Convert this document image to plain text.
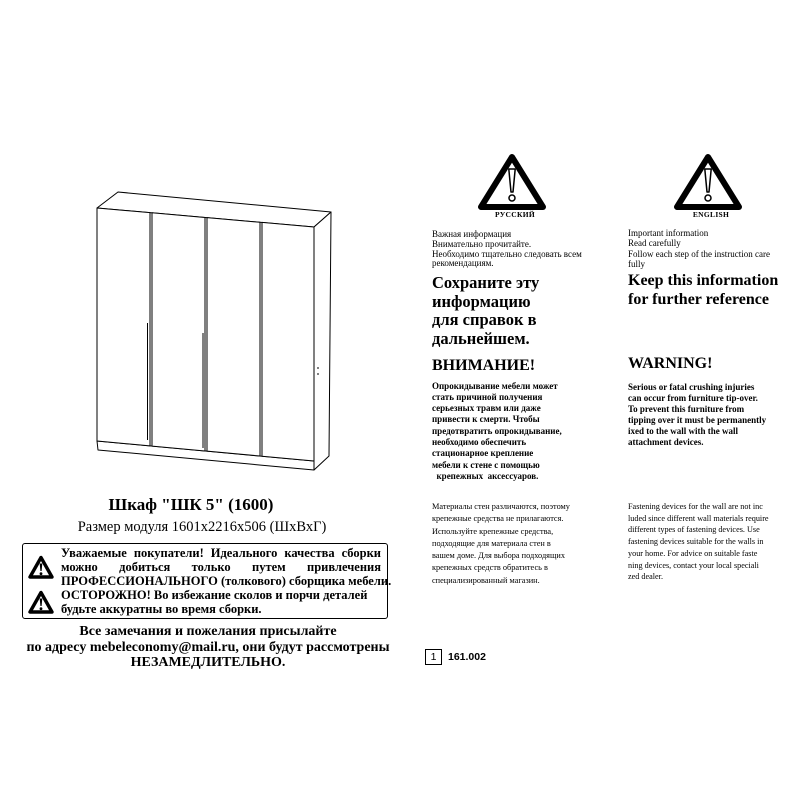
Шкаф "ШК 5" (1600)
Размер модуля 1601х2216х506 (ШхВхГ)
Уважаемые покупатели! Идеального качества сборки
можно добиться только путем привлечения
ПРОФЕССИОНАЛЬНОГО (толкового) сборщика мебели.
ОСТОРОЖНО! Во избежание сколов и порчи деталей
будьте аккуратны во время сборки.
Все замечания и пожелания присылайте
по адресу mebeleconomy@mail.ru, они будут рассмотрены
НЕЗАМЕДЛИТЕЛЬНО.
РУССКИЙ
Важная информация
Внимательно прочитайте.
Необходимо тщательно следовать всем
рекомендациям.
Сохраните эту
информацию
для справок в
дальнейшем.
ВНИМАНИЕ!
Опрокидывание мебели может
стать причиной получения
серьезных травм или даже
привести к смерти. Чтобы
предотвратить опрокидывание,
необходимо обеспечить
стационарное крепление
мебели к стене с помощью
крепежных  аксессуаров.
Материалы стен различаются, поэтому
крепежные средства не прилагаются.
Используйте крепежные средства,
подходящие для материала стен в
вашем доме. Для выбора подходящих
крепежных средств обратитесь в
специализированный магазин.
ENGLISH
Important information
Read carefully
Follow each step of the instruction care
fully
Keep this information
for further reference
WARNING!
Serious or fatal crushing injuries
can occur from furniture tip-over.
To prevent this furniture from
tipping over it must be permanently
ixed to the wall with the wall
attachment devices.
Fastening devices for the wall are not inc
luded since different wall materials require
different types of fastening devices. Use
fastening devices suitable for the walls in
your home. For advice on suitable faste
ning devices, contact your local speciali
zed dealer.
1	161.002
